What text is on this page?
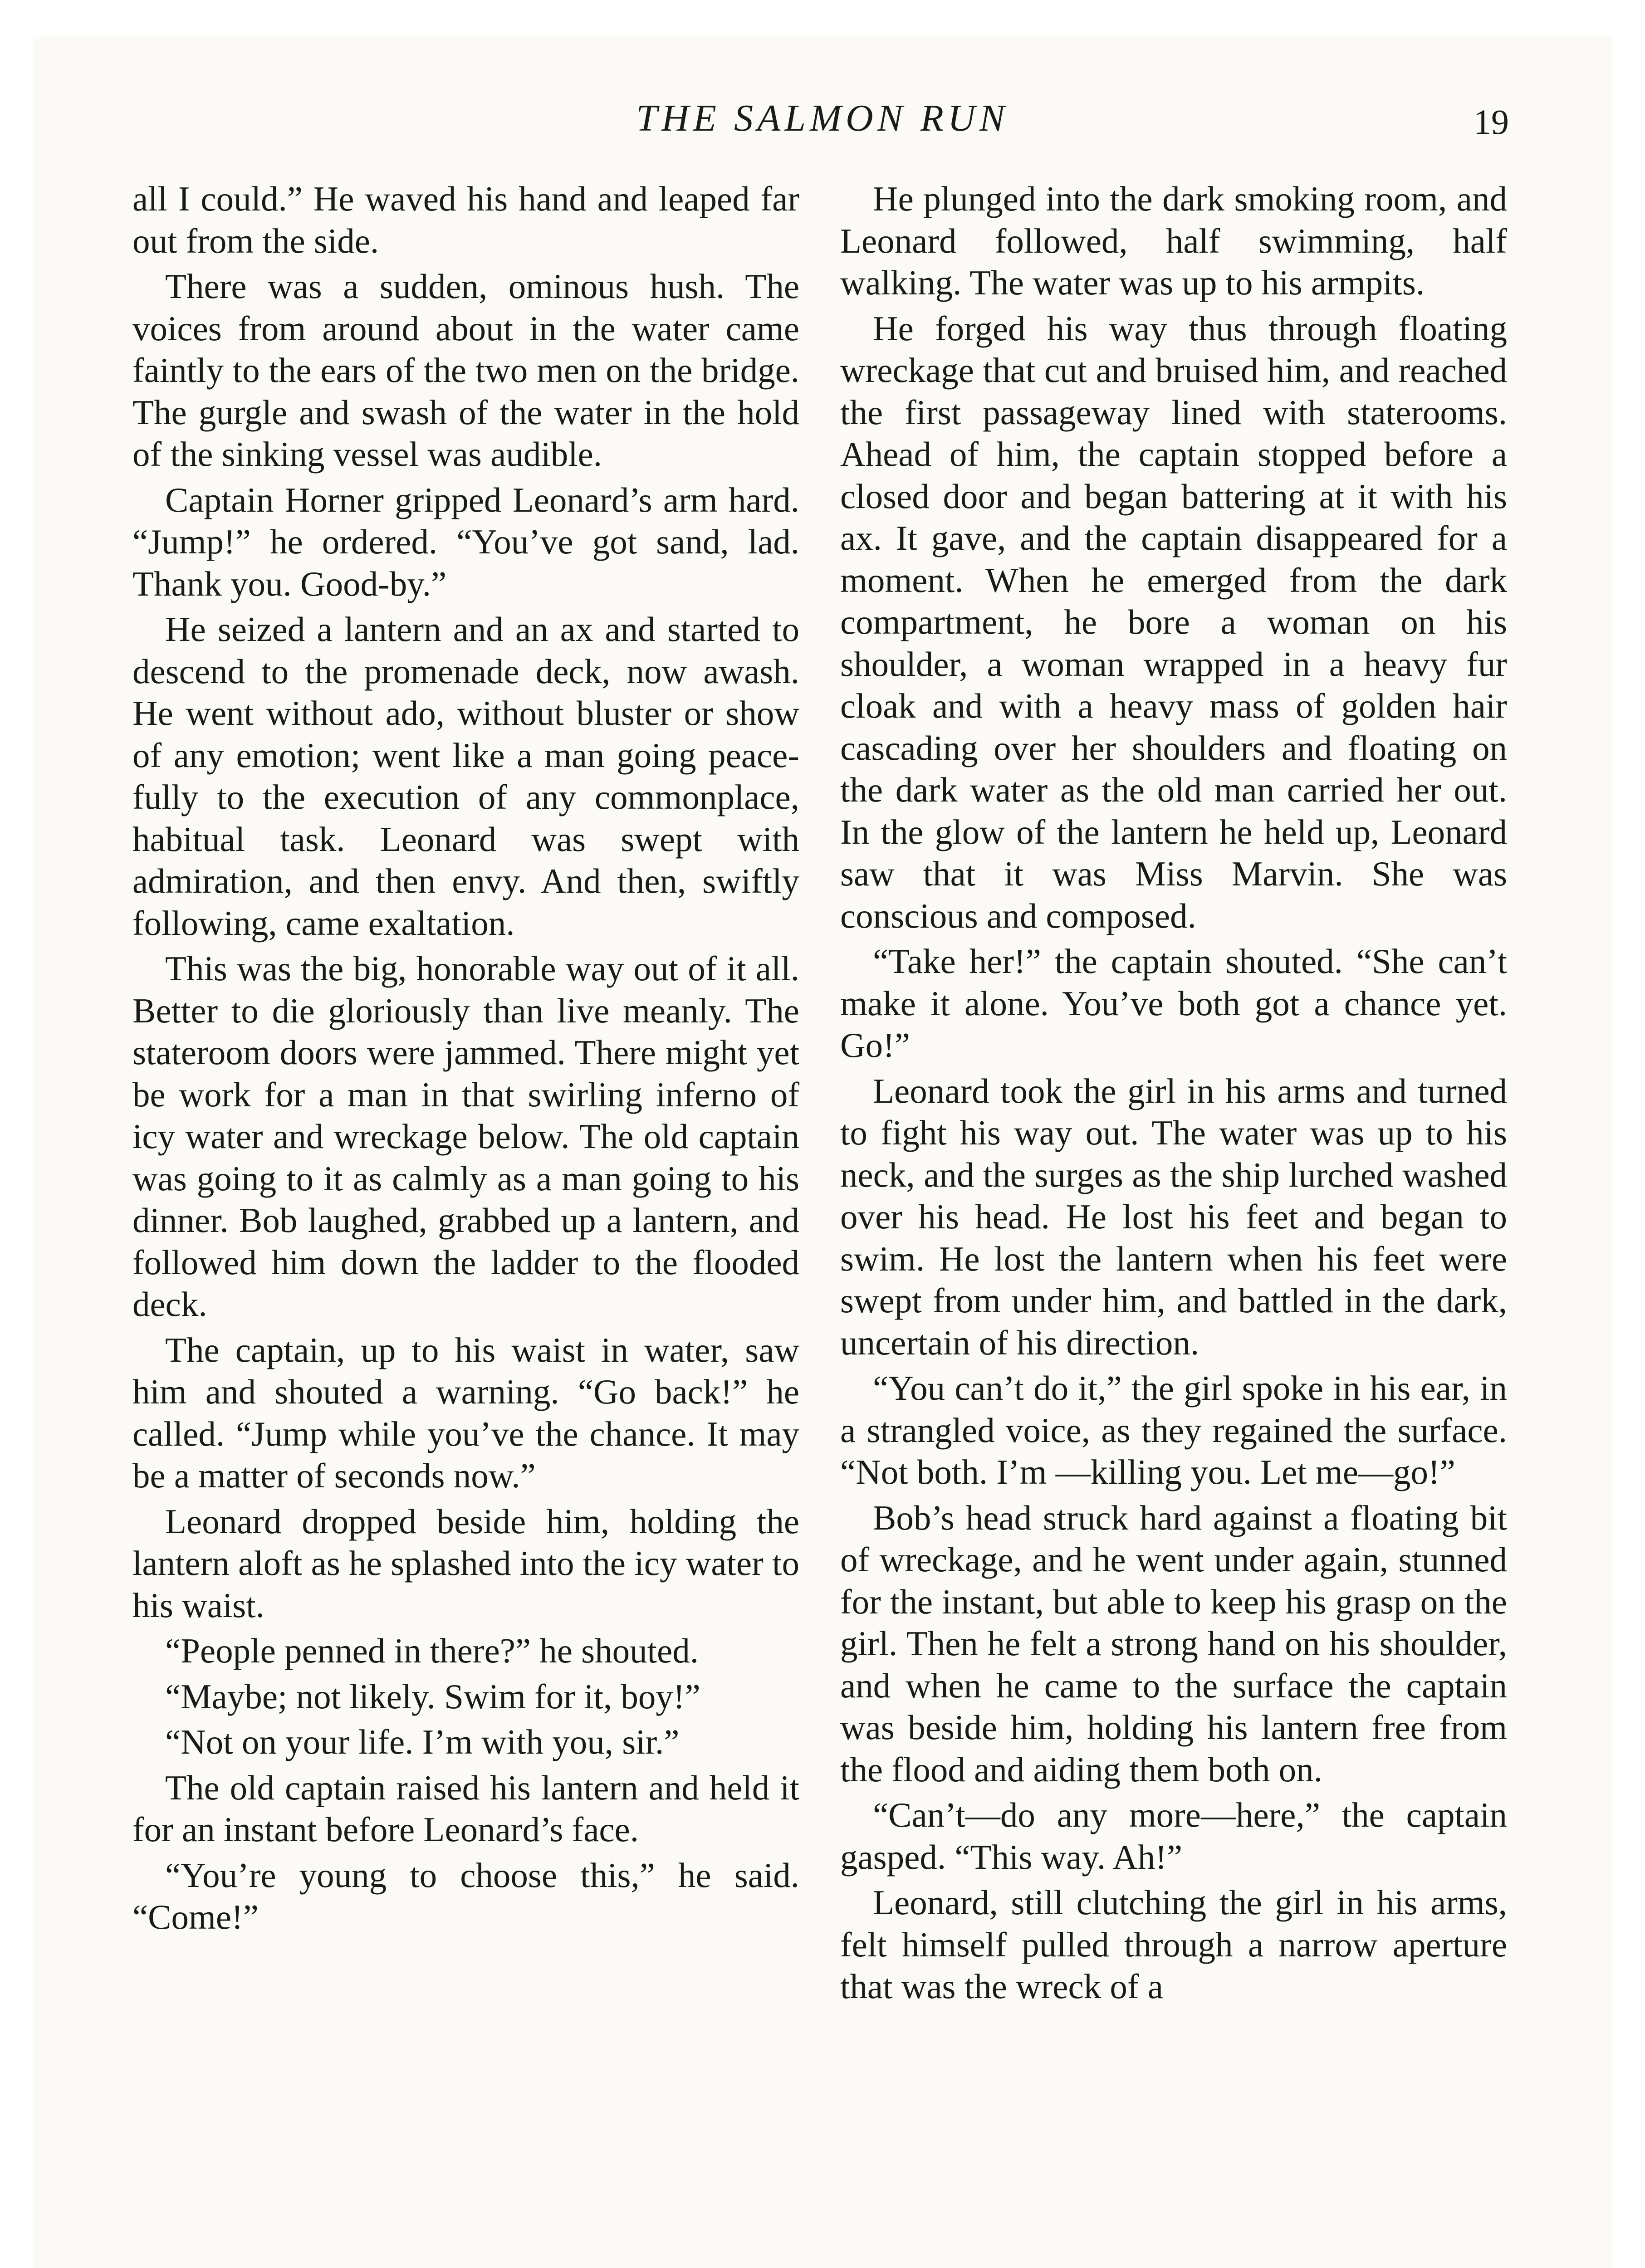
THE SALMON RUN	19

all I could.” He waved his hand and leaped far out from the side.

There was a sudden, ominous hush. The voices from around about in the water came faintly to the ears of the two men on the bridge. The gurgle and swash of the water in the hold of the sinking vessel was audible.

Captain Horner gripped Leonard’s arm hard. “Jump!” he ordered. “You’ve got sand, lad. Thank you. Good-by.”

He seized a lantern and an ax and started to descend to the promenade deck, now awash. He went without ado, without bluster or show of any emotion; went like a man going peacefully to the execution of any commonplace, habitual task. Leonard was swept with admiration, and then envy. And then, swiftly following, came exaltation.

This was the big, honorable way out of it all. Better to die gloriously than live meanly. The stateroom doors were jammed. There might yet be work for a man in that swirling inferno of icy water and wreckage below. The old captain was going to it as calmly as a man going to his dinner. Bob laughed, grabbed up a lantern, and followed him down the ladder to the flooded deck.

The captain, up to his waist in water, saw him and shouted a warning. “Go back!” he called. “Jump while you’ve the chance. It may be a matter of seconds now.”

Leonard dropped beside him, holding the lantern aloft as he splashed into the icy water to his waist.

“People penned in there?” he shouted.

“Maybe; not likely. Swim for it, boy!”

“Not on your life. I’m with you, sir.”

The old captain raised his lantern and held it for an instant before Leonard’s face.

“You’re young to choose this,” he said. “Come!”

He plunged into the dark smoking room, and Leonard followed, half swimming, half walking. The water was up to his armpits.

He forged his way thus through floating wreckage that cut and bruised him, and reached the first passageway lined with staterooms. Ahead of him, the captain stopped before a closed door and began battering at it with his ax. It gave, and the captain disappeared for a moment. When he emerged from the dark compartment, he bore a woman on his shoulder, a woman wrapped in a heavy fur cloak and with a heavy mass of golden hair cascading over her shoulders and floating on the dark water as the old man carried her out. In the glow of the lantern he held up, Leonard saw that it was Miss Marvin. She was conscious and composed.

“Take her!” the captain shouted. “She can’t make it alone. You’ve both got a chance yet. Go!”

Leonard took the girl in his arms and turned to fight his way out. The water was up to his neck, and the surges as the ship lurched washed over his head. He lost his feet and began to swim. He lost the lantern when his feet were swept from under him, and battled in the dark, uncertain of his direction.

“You can’t do it,” the girl spoke in his ear, in a strangled voice, as they regained the surface. “Not both. I’m —killing you. Let me—go!”

Bob’s head struck hard against a floating bit of wreckage, and he went under again, stunned for the instant, but able to keep his grasp on the girl. Then he felt a strong hand on his shoulder, and when he came to the surface the captain was beside him, holding his lantern free from the flood and aiding them both on.

“Can’t—do any more—here,” the captain gasped. “This way. Ah!”

Leonard, still clutching the girl in his arms, felt himself pulled through a narrow aperture that was the wreck of a
